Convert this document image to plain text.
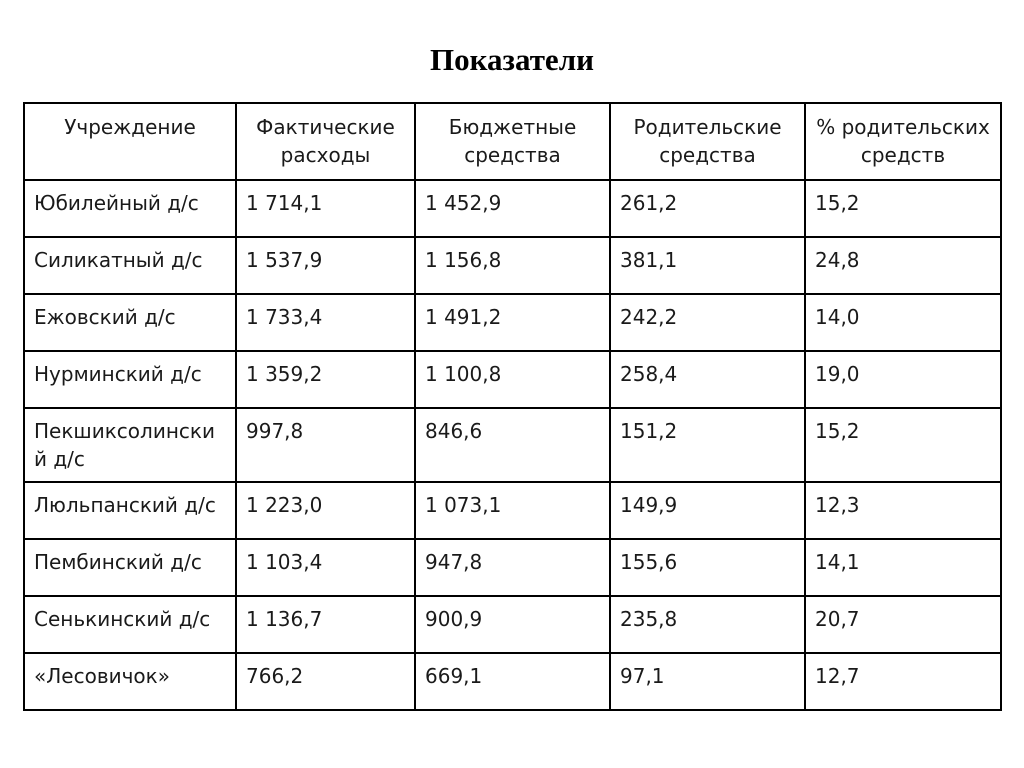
Показатели
Учреждение	Фактические расходы	Бюджетные средства	Родительские средства	% родительских средств
Юбилейный д/с	1 714,1	1 452,9	261,2	15,2
Силикатный д/с	1 537,9	1 156,8	381,1	24,8
Ежовский д/с	1 733,4	1 491,2	242,2	14,0
Нурминский д/с	1 359,2	1 100,8	258,4	19,0
Пекшиксолинский д/с	997,8	846,6	151,2	15,2
Люльпанский д/с	1 223,0	1 073,1	149,9	12,3
Пембинский д/с	1 103,4	947,8	155,6	14,1
Сенькинский д/с	1 136,7	900,9	235,8	20,7
«Лесовичок»	766,2	669,1	97,1	12,7
